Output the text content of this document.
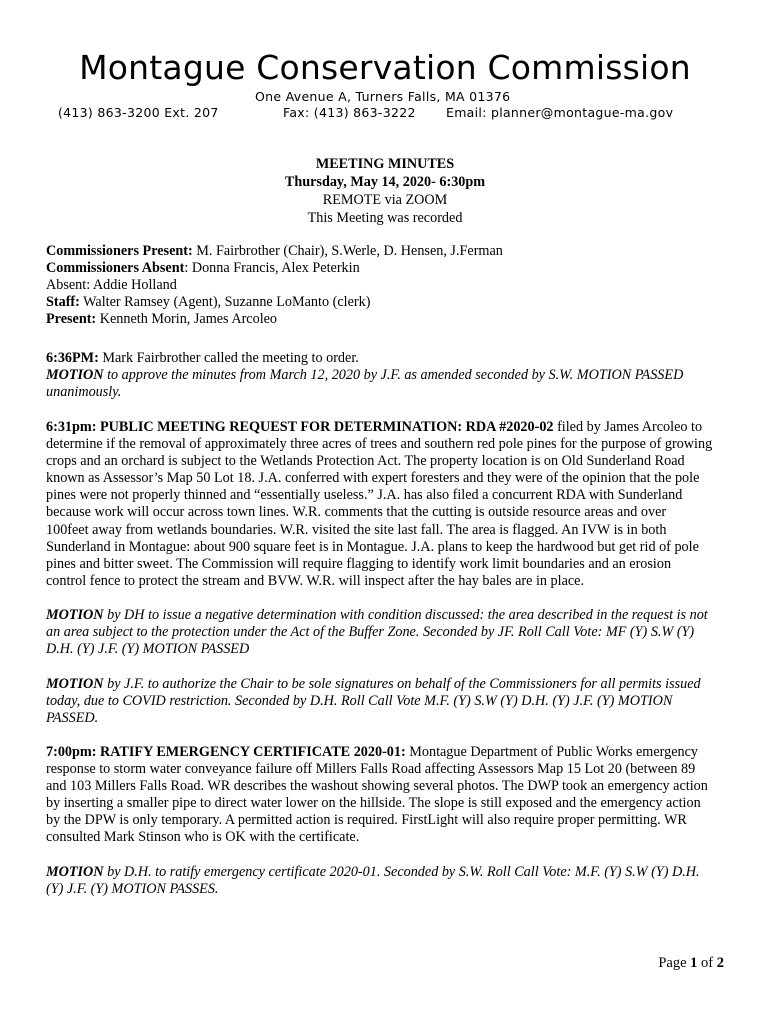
Montague Conservation Commission
One Avenue A, Turners Falls, MA 01376
(413) 863-3200 Ext. 207	Fax: (413) 863-3222 Email: planner@montague-ma.gov
MEETING MINUTES
Thursday, May 14, 2020- 6:30pm
REMOTE via ZOOM
This Meeting was recorded
Commissioners Present: M. Fairbrother (Chair), S.Werle, D. Hensen, J.Ferman
Commissioners Absent: Donna Francis, Alex Peterkin
Absent: Addie Holland
Staff: Walter Ramsey (Agent), Suzanne LoManto (clerk)
Present: Kenneth Morin, James Arcoleo
6:36PM: Mark Fairbrother called the meeting to order.
MOTION to approve the minutes from March 12, 2020 by J.F. as amended seconded by S.W. MOTION PASSED
unanimously.
6:31pm: PUBLIC MEETING REQUEST FOR DETERMINATION: RDA #2020-02 filed by James Arcoleo to
determine if the removal of approximately three acres of trees and southern red pole pines for the purpose of growing
crops and an orchard is subject to the Wetlands Protection Act. The property location is on Old Sunderland Road
known as Assessor’s Map 50 Lot 18. J.A. conferred with expert foresters and they were of the opinion that the pole
pines were not properly thinned and “essentially useless.” J.A. has also filed a concurrent RDA with Sunderland
because work will occur across town lines. W.R. comments that the cutting is outside resource areas and over
100feet away from wetlands boundaries. W.R. visited the site last fall. The area is flagged. An IVW is in both
Sunderland in Montague: about 900 square feet is in Montague. J.A. plans to keep the hardwood but get rid of pole
pines and bitter sweet. The Commission will require flagging to identify work limit boundaries and an erosion
control fence to protect the stream and BVW. W.R. will inspect after the hay bales are in place.
MOTION by DH to issue a negative determination with condition discussed: the area described in the request is not
an area subject to the protection under the Act of the Buffer Zone. Seconded by JF. Roll Call Vote: MF (Y) S.W (Y)
D.H. (Y) J.F. (Y) MOTION PASSED
MOTION by J.F. to authorize the Chair to be sole signatures on behalf of the Commissioners for all permits issued
today, due to COVID restriction. Seconded by D.H. Roll Call Vote M.F. (Y) S.W (Y) D.H. (Y) J.F. (Y) MOTION
PASSED.
7:00pm: RATIFY EMERGENCY CERTIFICATE 2020-01: Montague Department of Public Works emergency
response to storm water conveyance failure off Millers Falls Road affecting Assessors Map 15 Lot 20 (between 89
and 103 Millers Falls Road. WR describes the washout showing several photos. The DWP took an emergency action
by inserting a smaller pipe to direct water lower on the hillside. The slope is still exposed and the emergency action
by the DPW is only temporary. A permitted action is required. FirstLight will also require proper permitting. WR
consulted Mark Stinson who is OK with the certificate.
MOTION by D.H. to ratify emergency certificate 2020-01. Seconded by S.W. Roll Call Vote: M.F. (Y) S.W (Y) D.H.
(Y) J.F. (Y) MOTION PASSES.
Page 1 of 2
